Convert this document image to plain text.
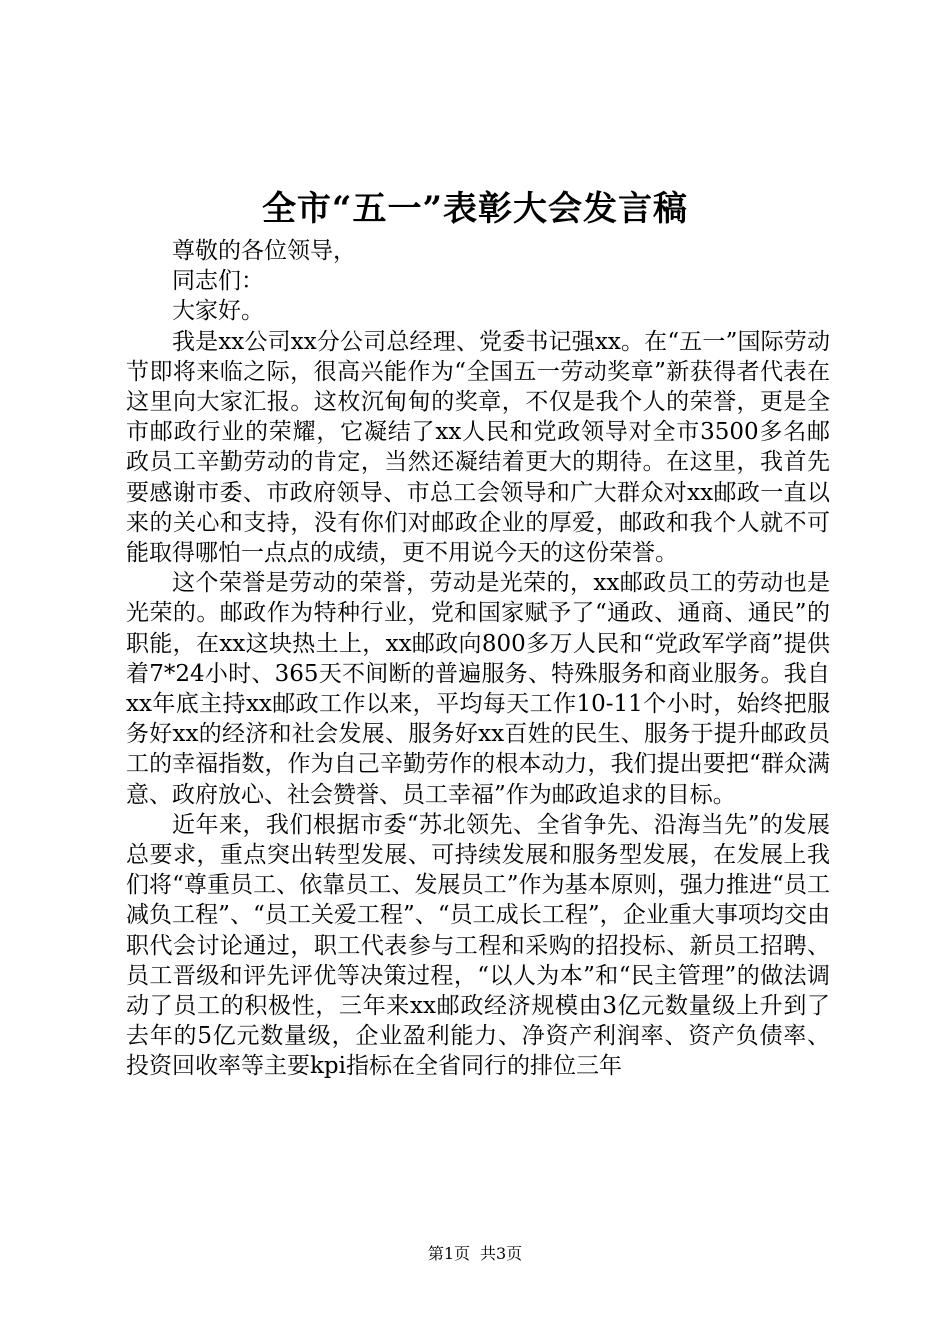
全市“五一”表彰大会发言稿

尊敬的各位领导，

同志们：

大家好。

我是xx公司xx分公司总经理、党委书记强xx。在“五一”国际劳动节即将来临之际，很高兴能作为“全国五一劳动奖章”新获得者代表在这里向大家汇报。这枚沉甸甸的奖章，不仅是我个人的荣誉，更是全市邮政行业的荣耀，它凝结了xx人民和党政领导对全市3500多名邮政员工辛勤劳动的肯定，当然还凝结着更大的期待。在这里，我首先要感谢市委、市政府领导、市总工会领导和广大群众对xx邮政一直以来的关心和支持，没有你们对邮政企业的厚爱，邮政和我个人就不可能取得哪怕一点点的成绩，更不用说今天的这份荣誉。

这个荣誉是劳动的荣誉，劳动是光荣的，xx邮政员工的劳动也是光荣的。邮政作为特种行业，党和国家赋予了“通政、通商、通民”的职能，在xx这块热土上，xx邮政向800多万人民和“党政军学商”提供着7*24小时、365天不间断的普遍服务、特殊服务和商业服务。我自xx年底主持xx邮政工作以来，平均每天工作10-11个小时，始终把服务好xx的经济和社会发展、服务好xx百姓的民生、服务于提升邮政员工的幸福指数，作为自己辛勤劳作的根本动力，我们提出要把“群众满意、政府放心、社会赞誉、员工幸福”作为邮政追求的目标。

近年来，我们根据市委“苏北领先、全省争先、沿海当先”的发展总要求，重点突出转型发展、可持续发展和服务型发展，在发展上我们将“尊重员工、依靠员工、发展员工”作为基本原则，强力推进“员工减负工程”、“员工关爱工程”、“员工成长工程”，企业重大事项均交由职代会讨论通过，职工代表参与工程和采购的招投标、新员工招聘、员工晋级和评先评优等决策过程，“以人为本”和“民主管理”的做法调动了员工的积极性，三年来xx邮政经济规模由3亿元数量级上升到了去年的5亿元数量级，企业盈利能力、净资产利润率、资产负债率、投资回收率等主要kpi指标在全省同行的排位三年

第1页 共3页
